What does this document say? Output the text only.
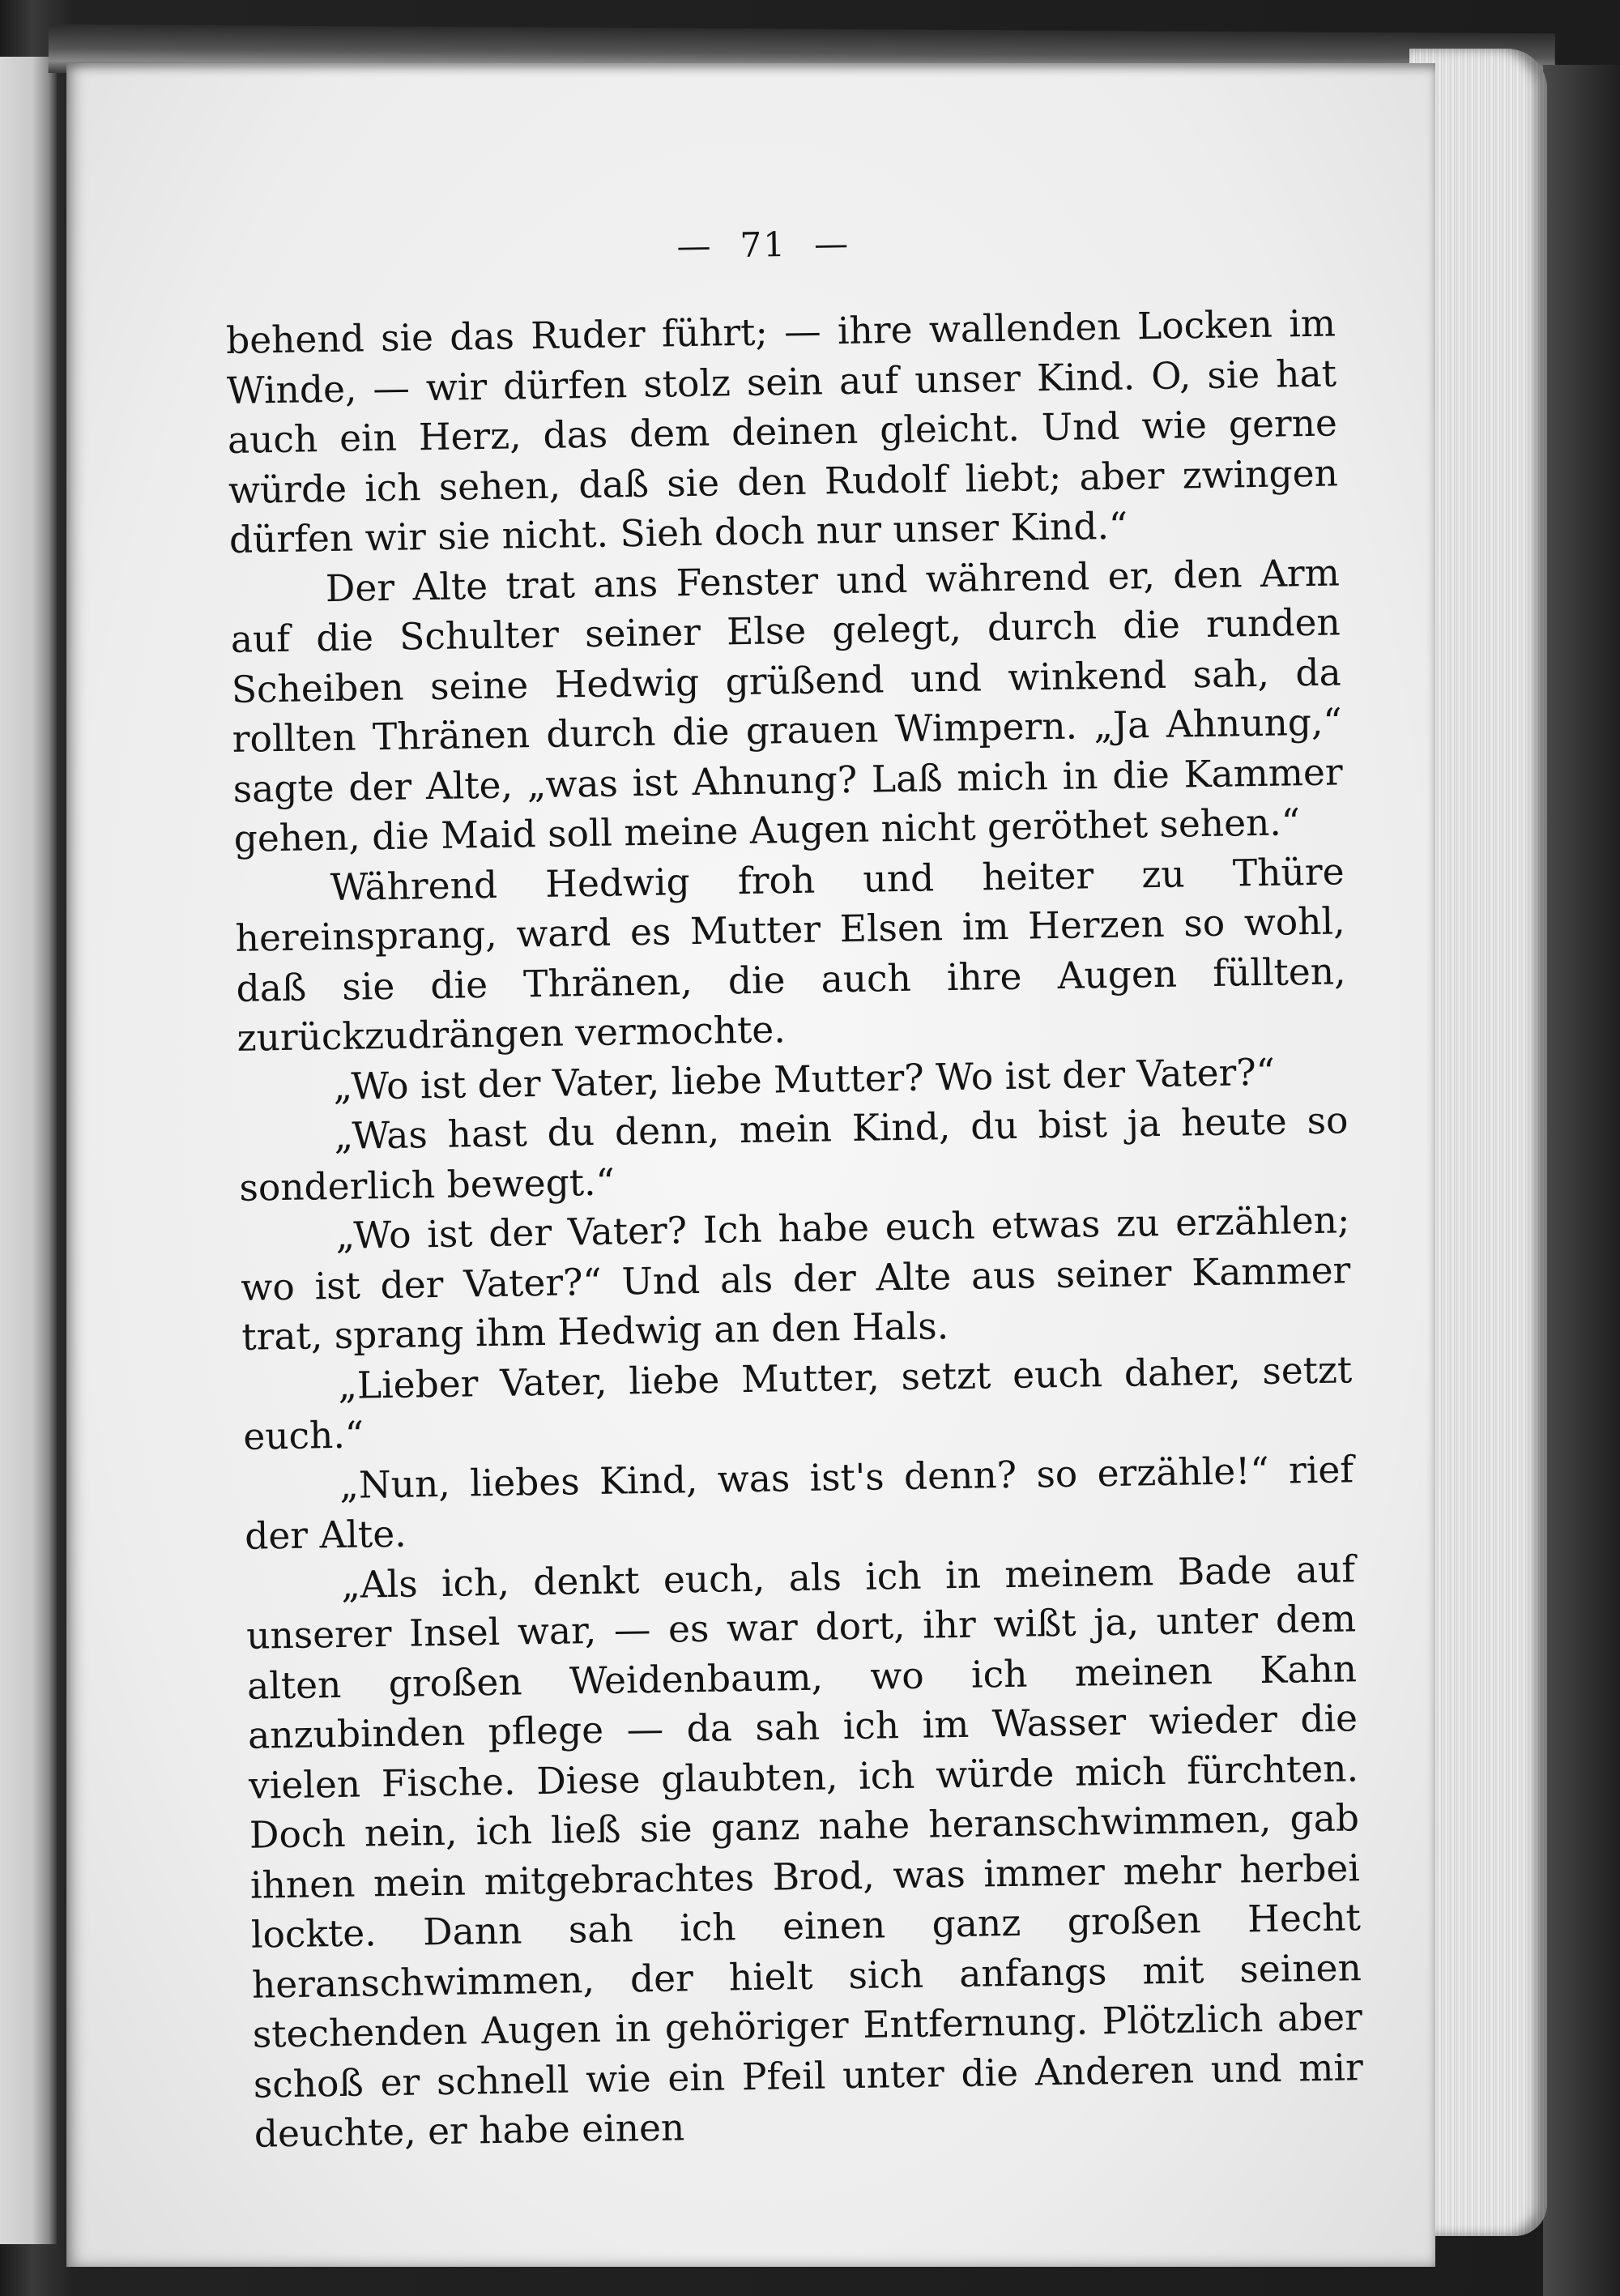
— 71 —

behend sie das Ruder führt; — ihre wallenden Locken im Winde, — wir dürfen stolz sein auf unser Kind. O, sie hat auch ein Herz, das dem deinen gleicht. Und wie gerne würde ich sehen, daß sie den Rudolf liebt; aber zwingen dürfen wir sie nicht. Sieh doch nur unser Kind.“

Der Alte trat ans Fenster und während er, den Arm auf die Schulter seiner Else gelegt, durch die runden Scheiben seine Hedwig grüßend und winkend sah, da rollten Thränen durch die grauen Wimpern. „Ja Ahnung,“ sagte der Alte, „was ist Ahnung? Laß mich in die Kammer gehen, die Maid soll meine Augen nicht geröthet sehen.“

Während Hedwig froh und heiter zu Thüre hereinsprang, ward es Mutter Elsen im Herzen so wohl, daß sie die Thränen, die auch ihre Augen füllten, zurückzudrängen vermochte.

„Wo ist der Vater, liebe Mutter? Wo ist der Vater?“

„Was hast du denn, mein Kind, du bist ja heute so sonderlich bewegt.“

„Wo ist der Vater? Ich habe euch etwas zu erzählen; wo ist der Vater?“ Und als der Alte aus seiner Kammer trat, sprang ihm Hedwig an den Hals.

„Lieber Vater, liebe Mutter, setzt euch daher, setzt euch.“

„Nun, liebes Kind, was ist's denn? so erzähle!“ rief der Alte.

„Als ich, denkt euch, als ich in meinem Bade auf unserer Insel war, — es war dort, ihr wißt ja, unter dem alten großen Weidenbaum, wo ich meinen Kahn anzubinden pflege — da sah ich im Wasser wieder die vielen Fische. Diese glaubten, ich würde mich fürchten. Doch nein, ich ließ sie ganz nahe heranschwimmen, gab ihnen mein mitgebrachtes Brod, was immer mehr herbei lockte. Dann sah ich einen ganz großen Hecht heranschwimmen, der hielt sich anfangs mit seinen stechenden Augen in gehöriger Entfernung. Plötzlich aber schoß er schnell wie ein Pfeil unter die Anderen und mir deuchte, er habe einen
